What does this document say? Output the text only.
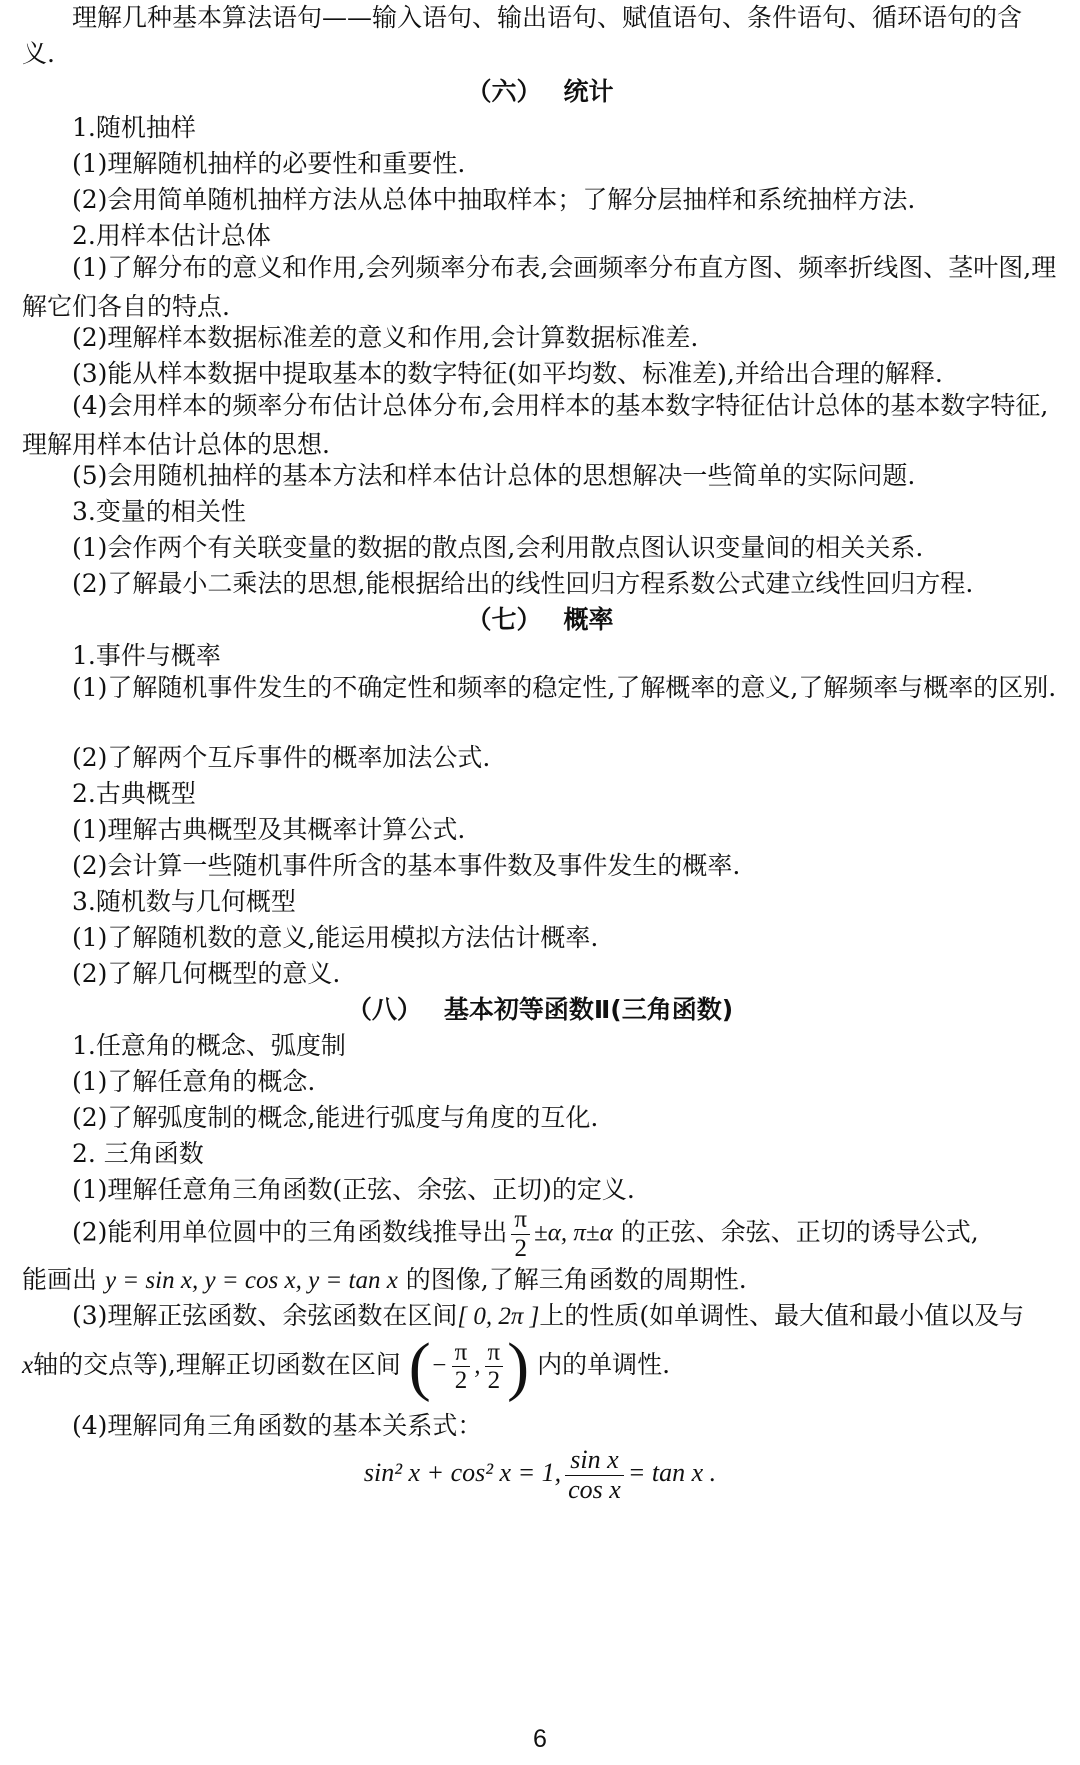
理解几种基本算法语句——输入语句、输出语句、赋值语句、条件语句、循环语句的含
义.
（六） 统计
1.随机抽样
(1)理解随机抽样的必要性和重要性.
(2)会用简单随机抽样方法从总体中抽取样本；了解分层抽样和系统抽样方法.
2.用样本估计总体
(1)了解分布的意义和作用,会列频率分布表,会画频率分布直方图、频率折线图、茎叶图,理解它们各自的特点.
(2)理解样本数据标准差的意义和作用,会计算数据标准差.
(3)能从样本数据中提取基本的数字特征(如平均数、标准差),并给出合理的解释.
(4)会用样本的频率分布估计总体分布,会用样本的基本数字特征估计总体的基本数字特征,理解用样本估计总体的思想.
(5)会用随机抽样的基本方法和样本估计总体的思想解决一些简单的实际问题.
3.变量的相关性
(1)会作两个有关联变量的数据的散点图,会利用散点图认识变量间的相关关系.
(2)了解最小二乘法的思想,能根据给出的线性回归方程系数公式建立线性回归方程.
（七） 概率
1.事件与概率
(1)了解随机事件发生的不确定性和频率的稳定性,了解概率的意义,了解频率与概率的区别.
(2)了解两个互斥事件的概率加法公式.
2.古典概型
(1)理解古典概型及其概率计算公式.
(2)会计算一些随机事件所含的基本事件数及事件发生的概率.
3.随机数与几何概型
(1)了解随机数的意义,能运用模拟方法估计概率.
(2)了解几何概型的意义.
（八） 基本初等函数Ⅱ(三角函数)
1.任意角的概念、弧度制
(1)了解任意角的概念.
(2)了解弧度制的概念,能进行弧度与角度的互化.
2. 三角函数
(1)理解任意角三角函数(正弦、余弦、正切)的定义.
(2)能利用单位圆中的三角函数线推导出 $\frac{\pi}{2} \pm\alpha$, π±α 的正弦、余弦、正切的诱导公式,
能画出 y = sin x, y = cos x, y = tan x 的图像,了解三角函数的周期性.
(3)理解正弦函数、余弦函数在区间[ 0, 2π ]上的性质(如单调性、最大值和最小值以及与
x轴的交点等),理解正切函数在区间 (− $\frac{\pi}{2}$ , $\frac{\pi}{2}$ ) 内的单调性.
(4)理解同角三角函数的基本关系式：
sin² x + cos² x = 1, $\frac{\text{sin x}}{\text{cos x}} = \tan x$ .
6
